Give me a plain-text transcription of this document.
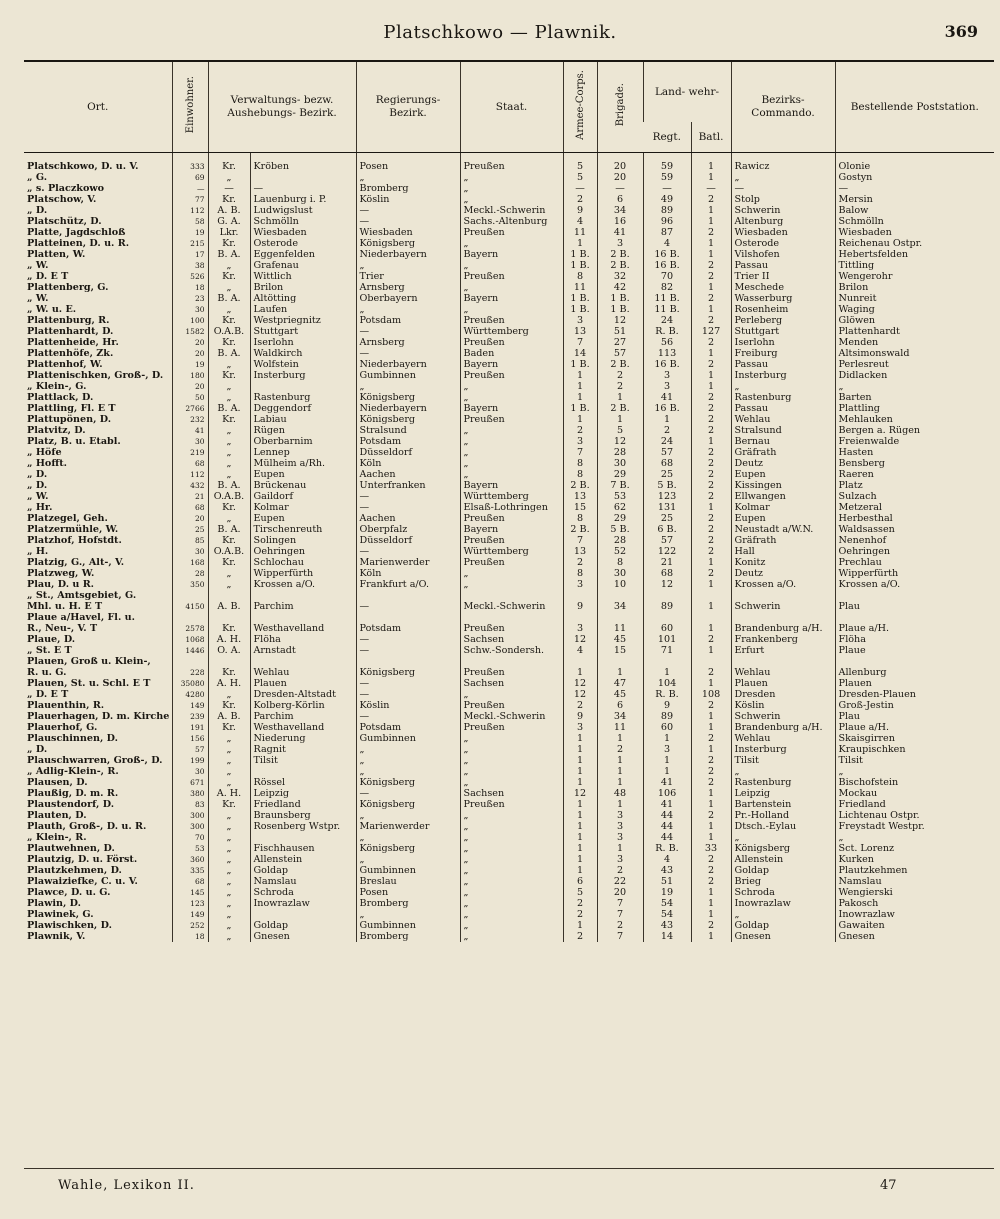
Platschkowo — Plawnik.	369
Ort.	Einwohner.	Verwaltungs- bezw. Aushebungs- Bezirk.		Regierungs- Bezirk.	Staat.	Armee-Corps.	Brigade.	Land- wehr-		Bezirks- Commando.	Bestellende Poststation.
								Regt.	Batl.		
Platschkowo, D. u. V.	333	Kr.	Kröben	Posen	Preußen	5	20	59	1	Rawicz	Olonie
„ G.	69	„		„	„	5	20	59	1	„	Gostyn
„ s. Placzkowo	—	—	—	Bromberg	„	—	—	—	—	—	—
Platschow, V.	77	Kr.	Lauenburg i. P.	Köslin	„	2	6	49	2	Stolp	Mersin
„ D.	112	A. B.	Ludwigslust	—	Meckl.-Schwerin	9	34	89	1	Schwerin	Balow
Platschütz, D.	58	G. A.	Schmölln	—	Sachs.-Altenburg	4	16	96	1	Altenburg	Schmölln
Platte, Jagdschloß	19	Lkr.	Wiesbaden	Wiesbaden	Preußen	11	41	87	2	Wiesbaden	Wiesbaden
Platteinen, D. u. R.	215	Kr.	Osterode	Königsberg	„	1	3	4	1	Osterode	Reichenau Ostpr.
Platten, W.	17	B. A.	Eggenfelden	Niederbayern	Bayern	1 B.	2 B.	16 B.	1	Vilshofen	Hebertsfelden
„ W.	38	„	Grafenau	„	„	1 B.	2 B.	16 B.	2	Passau	Tittling
„ D. E T	526	Kr.	Wittlich	Trier	Preußen	8	32	70	2	Trier II	Wengerohr
Plattenberg, G.	18	„	Brilon	Arnsberg	„	11	42	82	1	Meschede	Brilon
„ W.	23	B. A.	Altötting	Oberbayern	Bayern	1 B.	1 B.	11 B.	2	Wasserburg	Nunreit
„ W. u. E.	30	„	Laufen	„	„	1 B.	1 B.	11 B.	1	Rosenheim	Waging
Plattenburg, R.	100	Kr.	Westpriegnitz	Potsdam	Preußen	3	12	24	2	Perleberg	Glöwen
Plattenhardt, D.	1582	O.A.B.	Stuttgart	—	Württemberg	13	51	R. B.	127	Stuttgart	Plattenhardt
Plattenheide, Hr.	20	Kr.	Iserlohn	Arnsberg	Preußen	7	27	56	2	Iserlohn	Menden
Plattenhöfe, Zk.	20	B. A.	Waldkirch	—	Baden	14	57	113	1	Freiburg	Altsimonswald
Plattenhof, W.	19	„	Wolfstein	Niederbayern	Bayern	1 B.	2 B.	16 B.	2	Passau	Perlesreut
Plattenischken, Groß-, D.	180	Kr.	Insterburg	Gumbinnen	Preußen	1	2	3	1	Insterburg	Didlacken
„ Klein-, G.	20	„		„	„	1	2	3	1	„	„
Plattlack, D.	50	„	Rastenburg	Königsberg	„	1	1	41	2	Rastenburg	Barten
Plattling, Fl. E T	2766	B. A.	Deggendorf	Niederbayern	Bayern	1 B.	2 B.	16 B.	2	Passau	Plattling
Plattupönen, D.	232	Kr.	Labiau	Königsberg	Preußen	1	1	1	2	Wehlau	Mehlauken
Platvitz, D.	41	„	Rügen	Stralsund	„	2	5	2	2	Stralsund	Bergen a. Rügen
Platz, B. u. Etabl.	30	„	Oberbarnim	Potsdam	„	3	12	24	1	Bernau	Freienwalde
„ Höfe	219	„	Lennep	Düsseldorf	„	7	28	57	2	Gräfrath	Hasten
„ Hofft.	68	„	Mülheim a/Rh.	Köln	„	8	30	68	2	Deutz	Bensberg
„ D.	112	„	Eupen	Aachen	„	8	29	25	2	Eupen	Raeren
„ D.	432	B. A.	Brückenau	Unterfranken	Bayern	2 B.	7 B.	5 B.	2	Kissingen	Platz
„ W.	21	O.A.B.	Gaildorf	—	Württemberg	13	53	123	2	Ellwangen	Sulzach
„ Hr.	68	Kr.	Kolmar	—	Elsaß-Lothringen	15	62	131	1	Kolmar	Metzeral
Platzegel, Geh.	20	„	Eupen	Aachen	Preußen	8	29	25	2	Eupen	Herbesthal
Platzermühle, W.	25	B. A.	Tirschenreuth	Oberpfalz	Bayern	2 B.	5 B.	6 B.	2	Neustadt a/W.N.	Waldsassen
Platzhof, Hofstdt.	85	Kr.	Solingen	Düsseldorf	Preußen	7	28	57	2	Gräfrath	Nenenhof
„ H.	30	O.A.B.	Oehringen	—	Württemberg	13	52	122	2	Hall	Oehringen
Platzig, G., Alt-, V.	168	Kr.	Schlochau	Marienwerder	Preußen	2	8	21	1	Konitz	Prechlau
Platzweg, W.	28	„	Wipperfürth	Köln	„	8	30	68	2	Deutz	Wipperfürth
Plau, D. u R.	350	„	Krossen a/O.	Frankfurt a/O.	„	3	10	12	1	Krossen a/O.	Krossen a/O.
„ St., Amtsgebiet, G.											
Mhl. u. H. E T	4150	A. B.	Parchim	—	Meckl.-Schwerin	9	34	89	1	Schwerin	Plau
Plaue a/Havel, Fl. u.											
R., Neu-, V. T	2578	Kr.	Westhavelland	Potsdam	Preußen	3	11	60	1	Brandenburg a/H.	Plaue a/H.
Plaue, D.	1068	A. H.	Flöha	—	Sachsen	12	45	101	2	Frankenberg	Flöha
„ St. E T	1446	O. A.	Arnstadt	—	Schw.-Sondersh.	4	15	71	1	Erfurt	Plaue
Plauen, Groß u. Klein-,											
R. u. G.	228	Kr.	Wehlau	Königsberg	Preußen	1	1	1	2	Wehlau	Allenburg
Plauen, St. u. Schl. E T	35080	A. H.	Plauen	—	Sachsen	12	47	104	1	Plauen	Plauen
„ D. E T	4280	„	Dresden-Altstadt	—	„	12	45	R. B.	108	Dresden	Dresden-Plauen
Plauenthin, R.	149	Kr.	Kolberg-Körlin	Köslin	Preußen	2	6	9	2	Köslin	Groß-Jestin
Plauerhagen, D. m. Kirche	239	A. B.	Parchim	—	Meckl.-Schwerin	9	34	89	1	Schwerin	Plau
Plauerhof, G.	191	Kr.	Westhavelland	Potsdam	Preußen	3	11	60	1	Brandenburg a/H.	Plaue a/H.
Plauschinnen, D.	156	„	Niederung	Gumbinnen	„	1	1	1	2	Wehlau	Skaisgirren
„ D.	57	„	Ragnit	„	„	1	2	3	1	Insterburg	Kraupischken
Plauschwarren, Groß-, D.	199	„	Tilsit	„	„	1	1	1	2	Tilsit	Tilsit
„ Adlig-Klein-, R.	30	„		„	„	1	1	1	2	„	„
Plausen, D.	671	„	Rössel	Königsberg	„	1	1	41	2	Rastenburg	Bischofstein
Plaußig, D. m. R.	380	A. H.	Leipzig	—	Sachsen	12	48	106	1	Leipzig	Mockau
Plaustendorf, D.	83	Kr.	Friedland	Königsberg	Preußen	1	1	41	1	Bartenstein	Friedland
Plauten, D.	300	„	Braunsberg	„	„	1	3	44	2	Pr.-Holland	Lichtenau Ostpr.
Plauth, Groß-, D. u. R.	300	„	Rosenberg Wstpr.	Marienwerder	„	1	3	44	1	Dtsch.-Eylau	Freystadt Westpr.
„ Klein-, R.	70	„		„	„	1	3	44	1	„	„
Plautwehnen, D.	53	„	Fischhausen	Königsberg	„	1	1	R. B.	33	Königsberg	Sct. Lorenz
Plautzig, D. u. Först.	360	„	Allenstein	„	„	1	3	4	2	Allenstein	Kurken
Plautzkehmen, D.	335	„	Goldap	Gumbinnen	„	1	2	43	2	Goldap	Plautzkehmen
Plawaiziefke, C. u. V.	68	„	Namslau	Breslau	„	6	22	51	2	Brieg	Namslau
Plawce, D. u. G.	145	„	Schroda	Posen	„	5	20	19	1	Schroda	Wengierski
Plawin, D.	123	„	Inowrazlaw	Bromberg	„	2	7	54	1	Inowrazlaw	Pakosch
Plawinek, G.	149	„		„	„	2	7	54	1	„	Inowrazlaw
Plawischken, D.	252	„	Goldap	Gumbinnen	„	1	2	43	2	Goldap	Gawaiten
Plawnik, V.	18	„	Gnesen	Bromberg	„	2	7	14	1	Gnesen	Gnesen
Wahle, Lexikon II.	47
